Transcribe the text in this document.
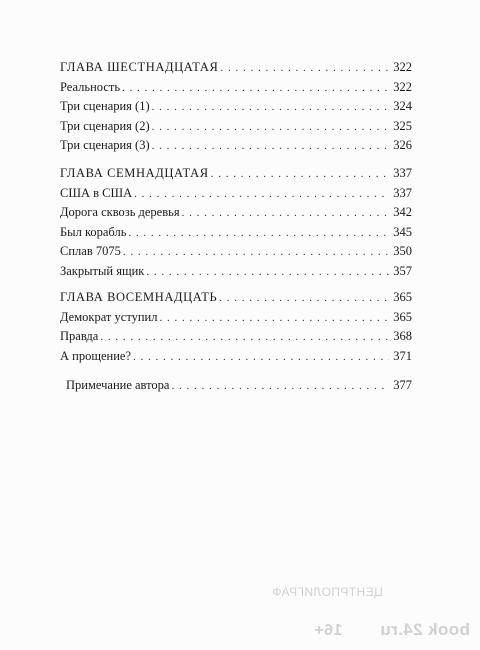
ЦЕНТРПОЛИГРАФ
book 24.ru
16+
ГЛАВА ШЕСТНАДЦАТАЯ . . .	322
Реальность . . .	322
Три сценария (1) . . .	324
Три сценария (2) . . .	325
Три сценария (3) . . .	326
ГЛАВА СЕМНАДЦАТАЯ . . .	337
США в США . . .	337
Дорога сквозь деревья . . .	342
Был корабль . . .	345
Сплав 7075 . . .	350
Закрытый ящик . . .	357
ГЛАВА ВОСЕМНАДЦАТЬ . . .	365
Демократ уступил . . .	365
Правда . . .	368
А прощение? . . .	371
Примечание автора . . .	377
